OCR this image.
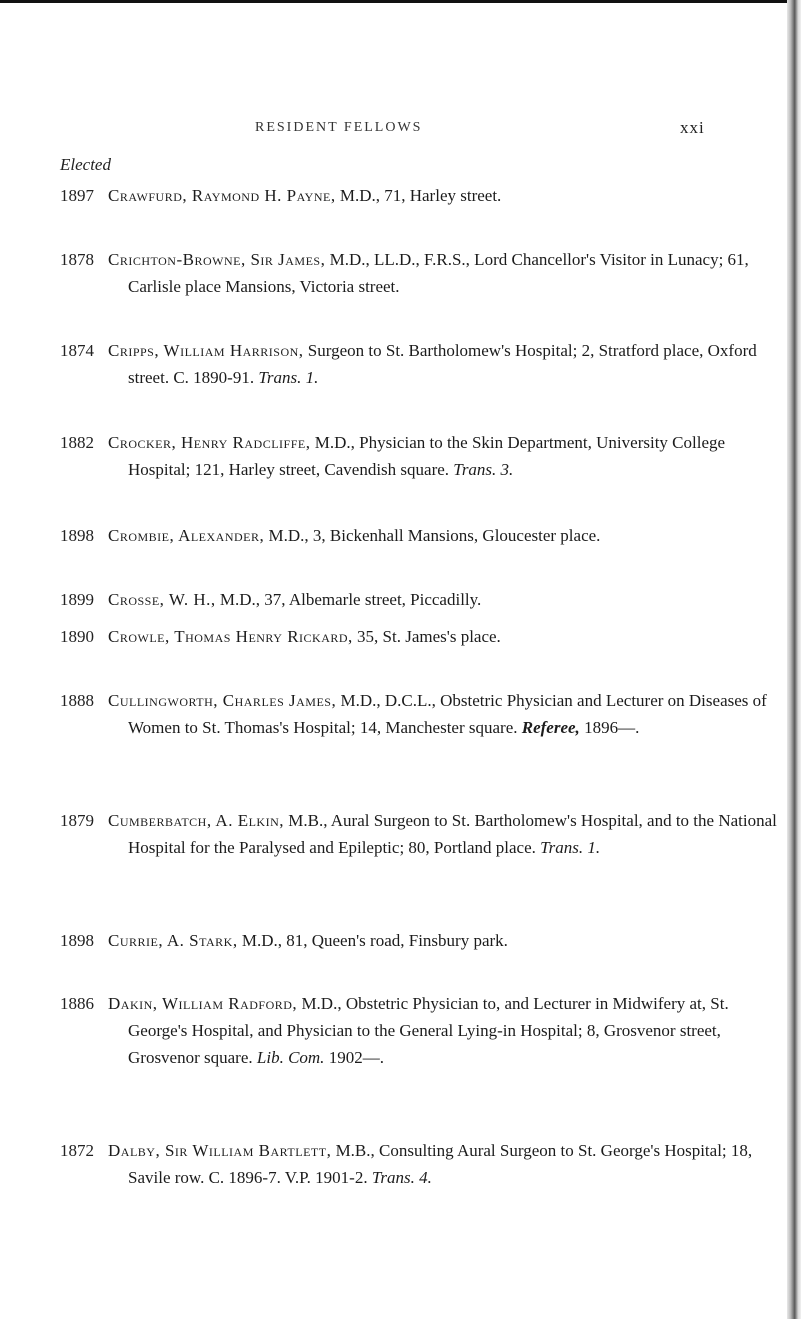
RESIDENT FELLOWS	xxi
Elected
1897 Crawfurd, Raymond H. Payne, M.D., 71, Harley street.
1878 Crichton-Browne, Sir James, M.D., LL.D., F.R.S., Lord Chancellor's Visitor in Lunacy; 61, Carlisle place Mansions, Victoria street.
1874 Cripps, William Harrison, Surgeon to St. Bartholomew's Hospital; 2, Stratford place, Oxford street. C. 1890-91. Trans. 1.
1882 Crocker, Henry Radcliffe, M.D., Physician to the Skin Department, University College Hospital; 121, Harley street, Cavendish square. Trans. 3.
1898 Crombie, Alexander, M.D., 3, Bickenhall Mansions, Gloucester place.
1899 Crosse, W. H., M.D., 37, Albemarle street, Piccadilly.
1890 Crowle, Thomas Henry Rickard, 35, St. James's place.
1888 Cullingworth, Charles James, M.D., D.C.L., Obstetric Physician and Lecturer on Diseases of Women to St. Thomas's Hospital; 14, Manchester square. Referee, 1896—.
1879 Cumberbatch, A. Elkin, M.B., Aural Surgeon to St. Bartholomew's Hospital, and to the National Hospital for the Paralysed and Epileptic; 80, Portland place. Trans. 1.
1898 Currie, A. Stark, M.D., 81, Queen's road, Finsbury park.
1886 Dakin, William Radford, M.D., Obstetric Physician to, and Lecturer in Midwifery at, St. George's Hospital, and Physician to the General Lying-in Hospital; 8, Grosvenor street, Grosvenor square. Lib. Com. 1902—.
1872 Dalby, Sir William Bartlett, M.B., Consulting Aural Surgeon to St. George's Hospital; 18, Savile row. C. 1896-7. V.P. 1901-2. Trans. 4.
